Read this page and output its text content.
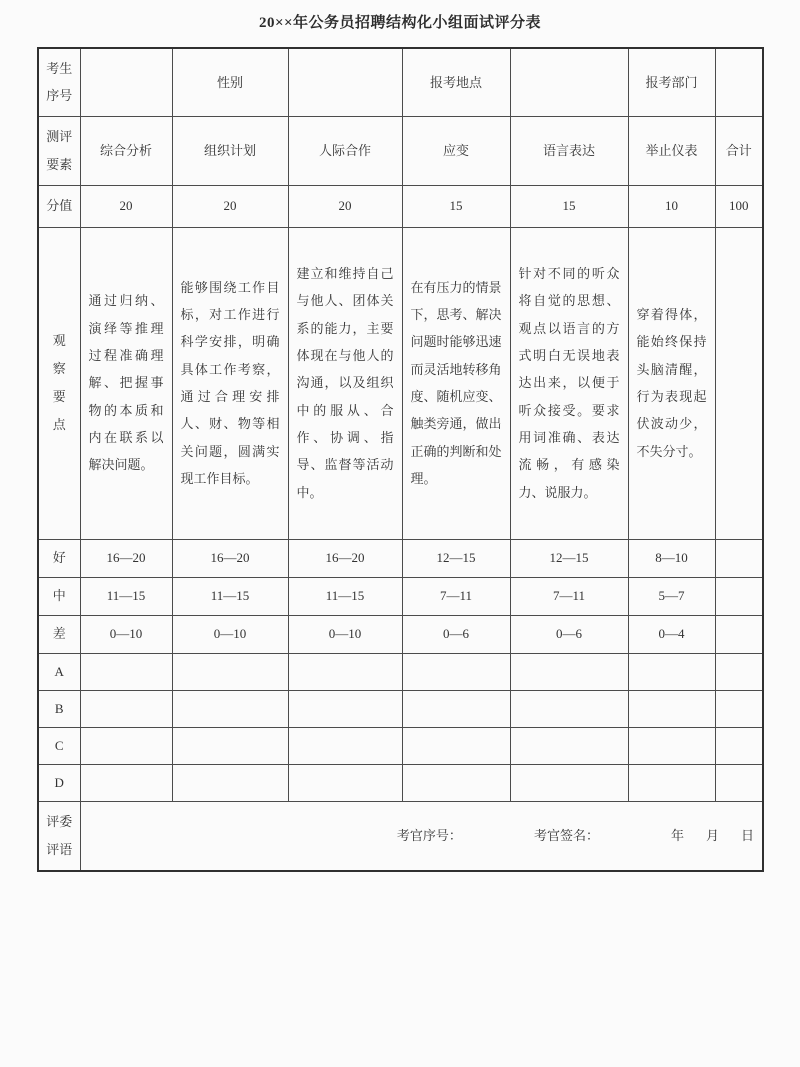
20××年公务员招聘结构化小组面试评分表
考生序号		性别		报考地点		报考部门	
测评要素	综合分析	组织计划	人际合作	应变	语言表达	举止仪表	合计
分值	20	20	20	15	15	10	100

观察要点	通过归纳、演绎等推理过程准确理解、把握事物的本质和内在联系以解决问题。	能够围绕工作目标，对工作进行科学安排，明确具体工作考察，通过合理安排人、财、物等相关问题，圆满实现工作目标。	建立和维持自己与他人、团体关系的能力，主要体现在与他人的沟通，以及组织中的服从、合作、协调、指导、监督等活动中。	在有压力的情景下，思考、解决问题时能够迅速而灵活地转移角度、随机应变、触类旁通，做出正确的判断和处理。	针对不同的听众将自觉的思想、观点以语言的方式明白无误地表达出来，以便于听众接受。要求用词准确、表达流畅，有感染力、说服力。	穿着得体，能始终保持头脑清醒，行为表现起伏波动少，不失分寸。	
好	16—20	16—20	16—20	12—15	12—15	8—10	
中	11—15	11—15	11—15	7—11	7—11	5—7	
差	0—10	0—10	0—10	0—6	0—6	0—4	
A							
B							
C							
D							
评委评语	考官序号： 考官签名： 年 月 日						
